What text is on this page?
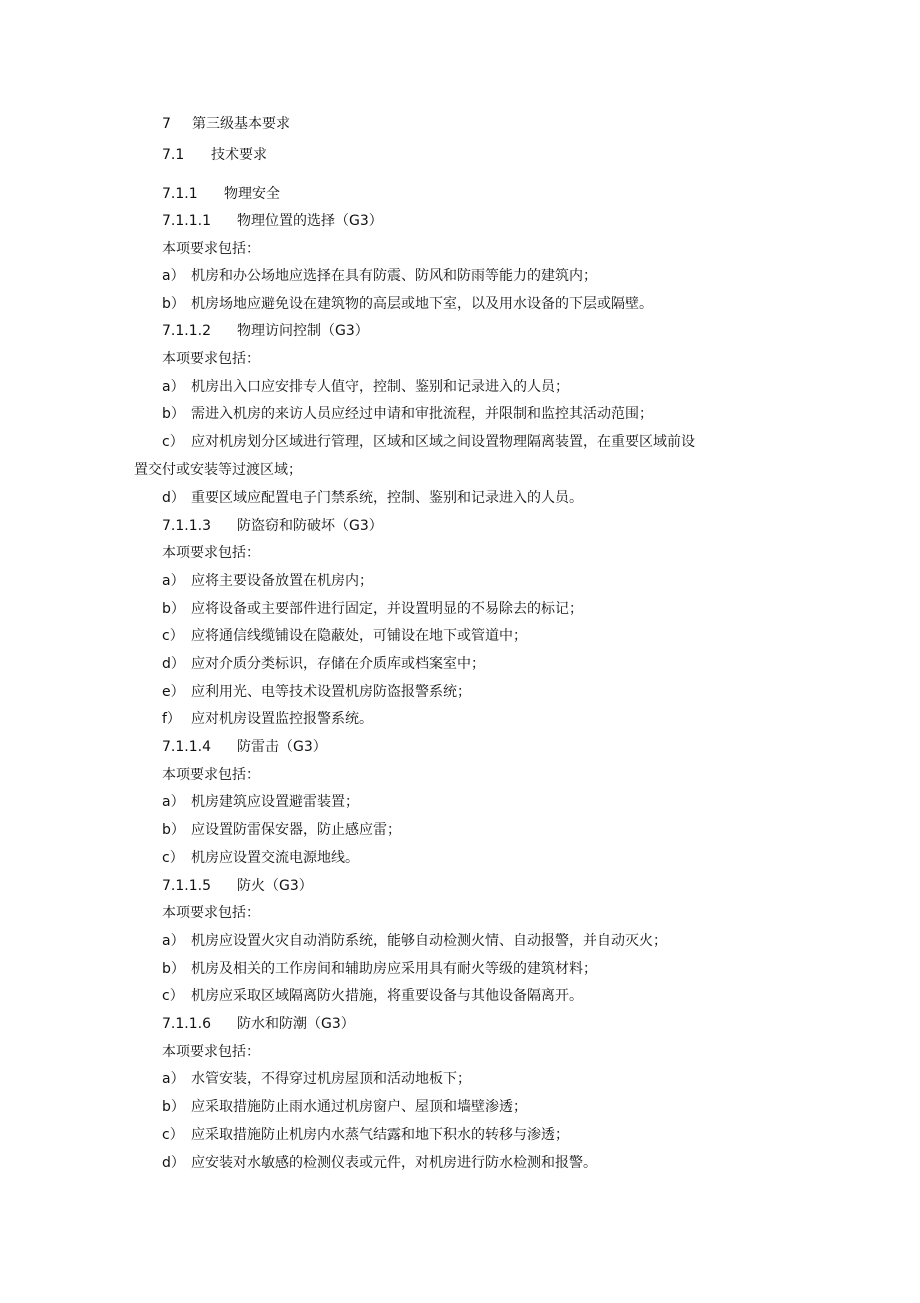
7 第三级基本要求
7.1 技术要求
7.1.1 物理安全
7.1.1.1 物理位置的选择（G3）
本项要求包括：
a） 机房和办公场地应选择在具有防震、防风和防雨等能力的建筑内；
b） 机房场地应避免设在建筑物的高层或地下室，以及用水设备的下层或隔壁。
7.1.1.2 物理访问控制（G3）
本项要求包括：
a） 机房出入口应安排专人值守，控制、鉴别和记录进入的人员；
b） 需进入机房的来访人员应经过申请和审批流程，并限制和监控其活动范围；
c） 应对机房划分区域进行管理，区域和区域之间设置物理隔离装置，在重要区域前设
置交付或安装等过渡区域；
d） 重要区域应配置电子门禁系统，控制、鉴别和记录进入的人员。
7.1.1.3 防盗窃和防破坏（G3）
本项要求包括：
a） 应将主要设备放置在机房内；
b） 应将设备或主要部件进行固定，并设置明显的不易除去的标记；
c） 应将通信线缆铺设在隐蔽处，可铺设在地下或管道中；
d） 应对介质分类标识，存储在介质库或档案室中；
e） 应利用光、电等技术设置机房防盗报警系统；
f） 应对机房设置监控报警系统。
7.1.1.4 防雷击（G3）
本项要求包括：
a） 机房建筑应设置避雷装置；
b） 应设置防雷保安器，防止感应雷；
c） 机房应设置交流电源地线。
7.1.1.5 防火（G3）
本项要求包括：
a） 机房应设置火灾自动消防系统，能够自动检测火情、自动报警，并自动灭火；
b） 机房及相关的工作房间和辅助房应采用具有耐火等级的建筑材料；
c） 机房应采取区域隔离防火措施，将重要设备与其他设备隔离开。
7.1.1.6 防水和防潮（G3）
本项要求包括：
a） 水管安装，不得穿过机房屋顶和活动地板下；
b） 应采取措施防止雨水通过机房窗户、屋顶和墙壁渗透；
c） 应采取措施防止机房内水蒸气结露和地下积水的转移与渗透；
d） 应安装对水敏感的检测仪表或元件，对机房进行防水检测和报警。
